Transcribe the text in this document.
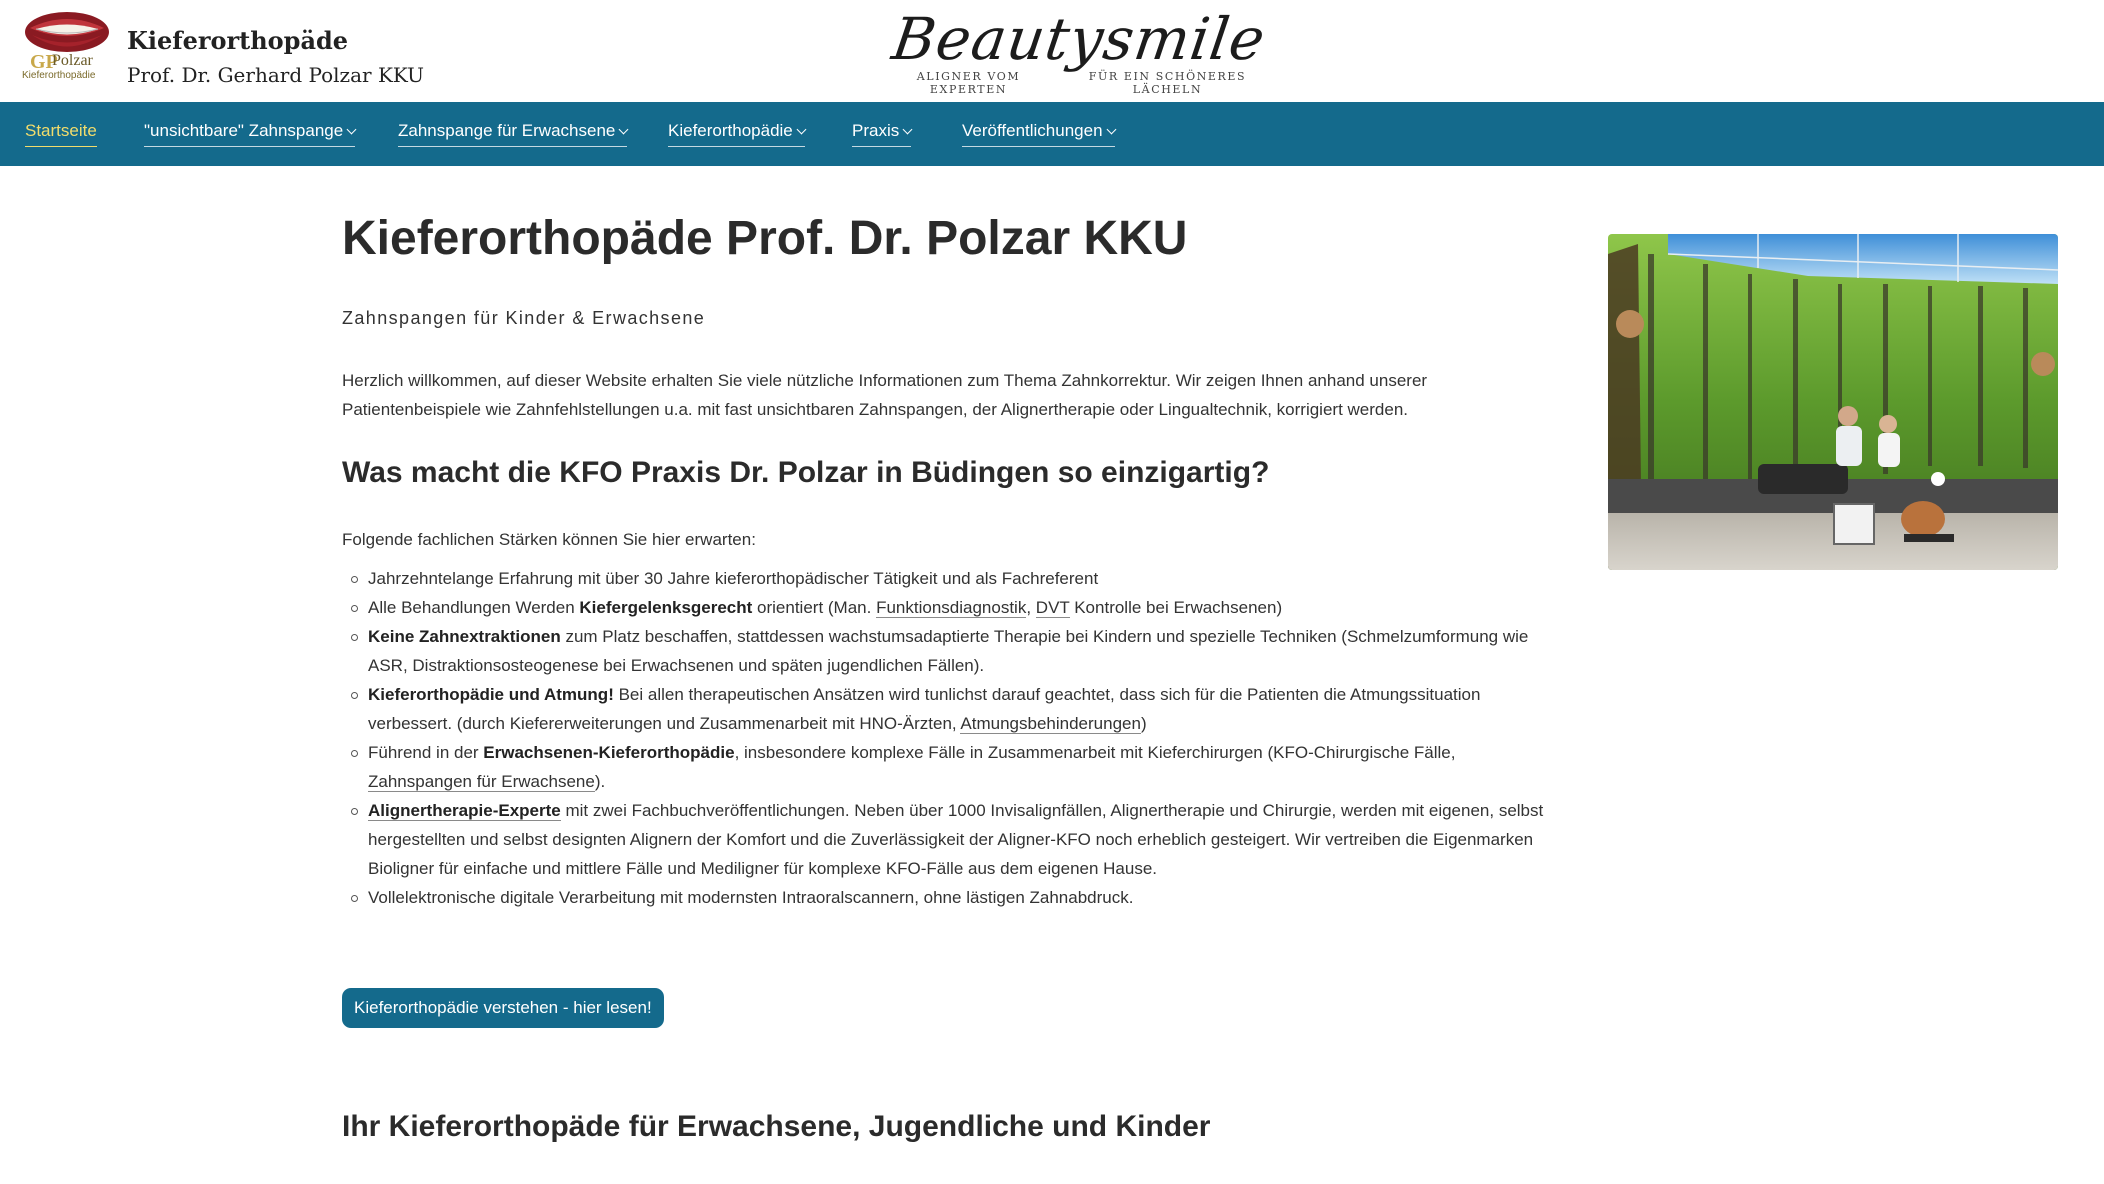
GP
Polzar
Kieferorthopädie
Kieferorthopäde
Prof. Dr. Gerhard Polzar KKU
Beautysmile
ALIGNER VOM EXPERTEN
FÜR EIN SCHÖNERES LÄCHELN
Startseite	"unsichtbare" Zahnspange	Zahnspange für Erwachsene	Kieferorthopädie	Praxis	Veröffentlichungen
Kieferorthopäde Prof. Dr. Polzar KKU
Zahnspangen für Kinder & Erwachsene

Herzlich willkommen, auf dieser Website erhalten Sie viele nützliche Informationen zum Thema Zahnkorrektur. Wir zeigen Ihnen anhand unserer Patientenbeispiele wie Zahnfehlstellungen u.a. mit fast unsichtbaren Zahnspangen, der Alignertherapie oder Lingualtechnik, korrigiert werden.

Was macht die KFO Praxis Dr. Polzar in Büdingen so einzigartig?
Folgende fachlichen Stärken können Sie hier erwarten:
Jahrzehntelange Erfahrung mit über 30 Jahre kieferorthopädischer Tätigkeit und als Fachreferent
Alle Behandlungen Werden Kiefergelenksgerecht orientiert (Man. Funktionsdiagnostik, DVT Kontrolle bei Erwachsenen)
Keine Zahnextraktionen zum Platz beschaffen, stattdessen wachstumsadaptierte Therapie bei Kindern und spezielle Techniken (Schmelzumformung wie ASR, Distraktionsosteogenese bei Erwachsenen und späten jugendlichen Fällen).
Kieferorthopädie und Atmung! Bei allen therapeutischen Ansätzen wird tunlichst darauf geachtet, dass sich für die Patienten die Atmungssituation verbessert. (durch Kiefererweiterungen und Zusammenarbeit mit HNO-Ärzten, Atmungsbehinderungen)
Führend in der Erwachsenen-Kieferorthopädie, insbesondere komplexe Fälle in Zusammenarbeit mit Kieferchirurgen (KFO-Chirurgische Fälle, Zahnspangen für Erwachsene).
Alignertherapie-Experte mit zwei Fachbuchveröffentlichungen. Neben über 1000 Invisalignfällen, Alignertherapie und Chirurgie, werden mit eigenen, selbst hergestellten und selbst designten Alignern der Komfort und die Zuverlässigkeit der Aligner-KFO noch erheblich gesteigert. Wir vertreiben die Eigenmarken Bioligner für einfache und mittlere Fälle und Mediligner für komplexe KFO-Fälle aus dem eigenen Hause.
Vollelektronische digitale Verarbeitung mit modernsten Intraoralscannern, ohne lästigen Zahnabdruck.
Kieferorthopädie verstehen - hier lesen!
Ihr Kieferorthopäde für Erwachsene, Jugendliche und Kinder
